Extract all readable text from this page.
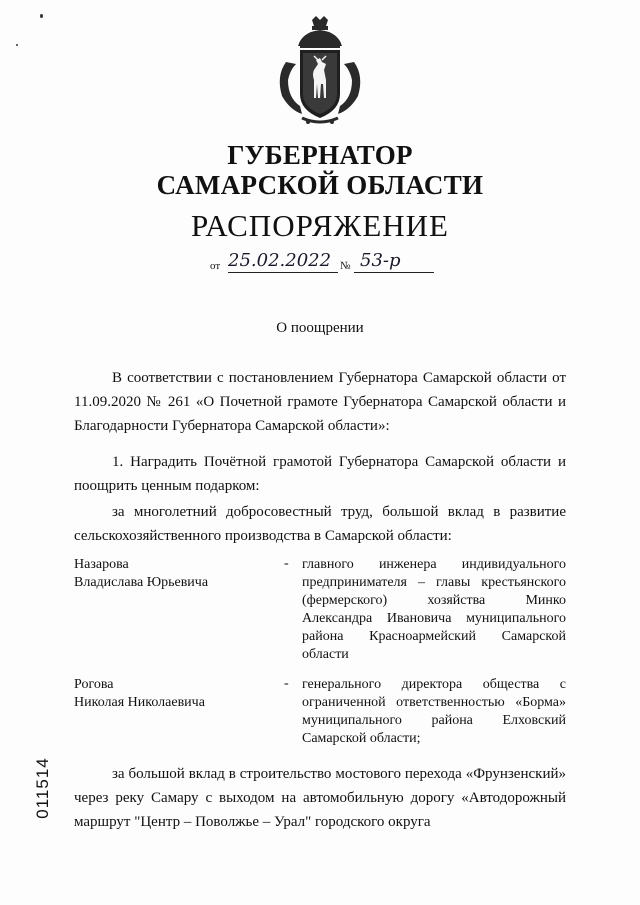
ГУБЕРНАТОР
САМАРСКОЙ ОБЛАСТИ
РАСПОРЯЖЕНИЕ
от 25.02.2022 № 53-р
О поощрении
В соответствии с постановлением Губернатора Самарской области от 11.09.2020 № 261 «О Почетной грамоте Губернатора Самарской области и Благодарности Губернатора Самарской области»:
1. Наградить Почётной грамотой Губернатора Самарской области и поощрить ценным подарком:
за многолетний добросовестный труд, большой вклад в развитие сельскохозяйственного производства в Самарской области:
Назарова
Владислава Юрьевича
- главного инженера индивидуального предпринимателя – главы крестьянского (фермерского) хозяйства Минко Александра Ивановича муниципального района Красноармейский Самарской области
Рогова
Николая Николаевича
- генерального директора общества с ограниченной ответственностью «Борма» муниципального района Елховский Самарской области;
за большой вклад в строительство мостового перехода «Фрунзенский» через реку Самару с выходом на автомобильную дорогу «Автодорожный маршрут "Центр – Поволжье – Урал" городского округа
011514
